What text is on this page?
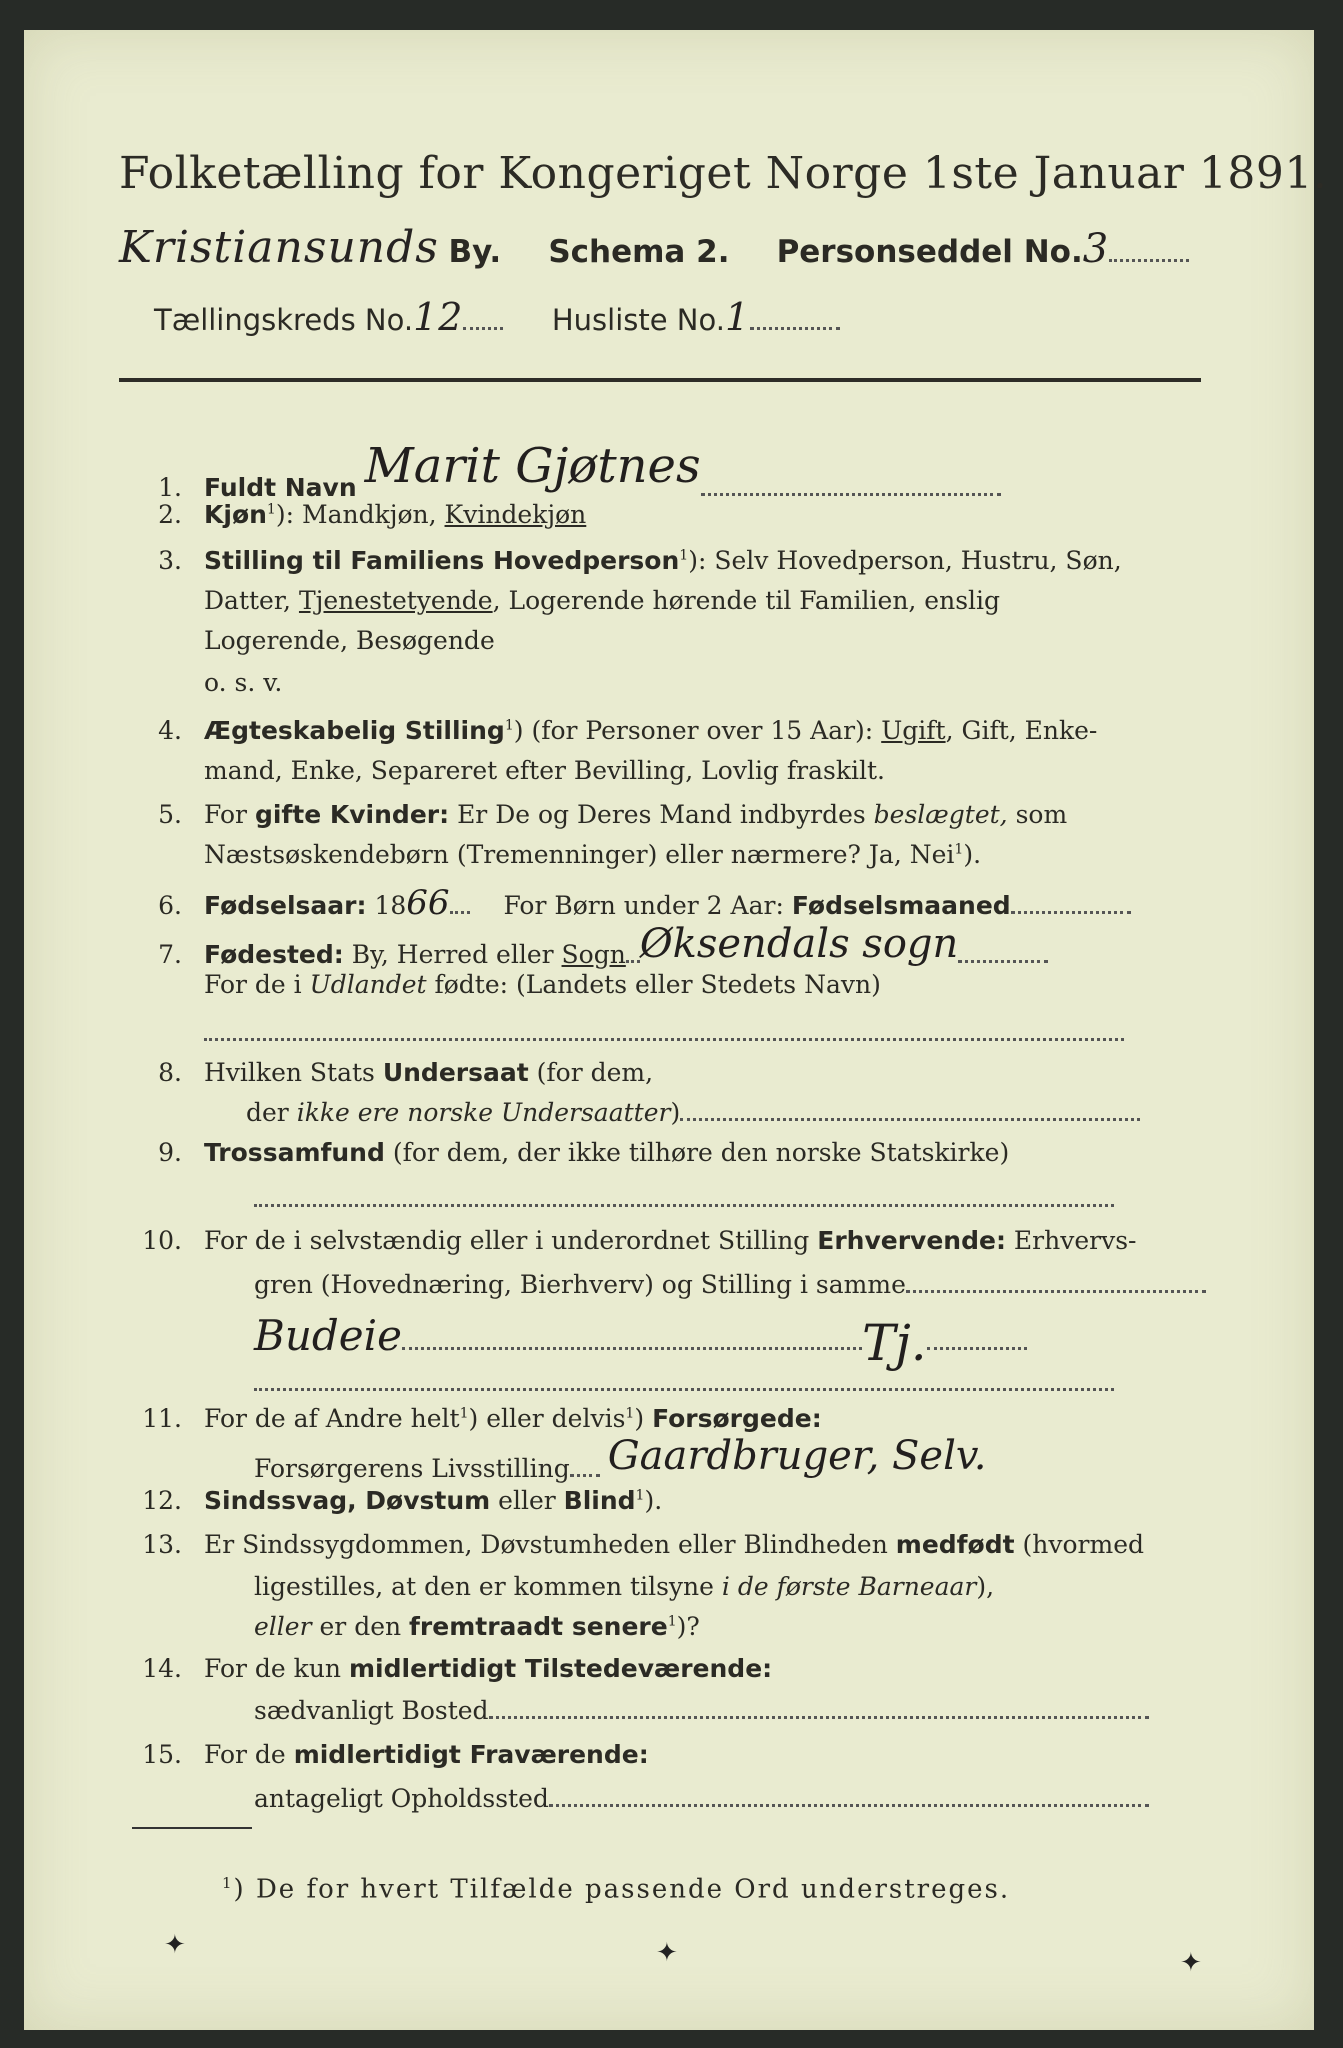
Folketælling for Kongeriget Norge 1ste Januar 1891.
Kristiansunds By. Schema 2. Personseddel No.3
Tællingskreds No.12	Husliste No.1
1. Fuldt Navn Marit Gjøtnes
2. Kjøn$^1$): Mandkjøn, Kvindekjøn
3. Stilling til Familiens Hovedperson$^1$): Selv Hovedperson, Hustru, Søn,
Datter, Tjenestetyende, Logerende hørende til Familien, enslig
Logerende, Besøgende
o. s. v.
4. Ægteskabelig Stilling$^1$) (for Personer over 15 Aar): Ugift, Gift, Enke-
mand, Enke, Separeret efter Bevilling, Lovlig fraskilt.
5. For gifte Kvinder: Er De og Deres Mand indbyrdes beslægtet, som
Næstsøskendebørn (Tremenninger) eller nærmere? Ja, Nei$^1$).
6. Fødselsaar: 1866 For Børn under 2 Aar: Fødselsmaaned
7. Fødested: By, Herred eller Sogn Øksendals sogn
For de i Udlandet fødte: (Landets eller Stedets Navn)
8. Hvilken Stats Undersaat (for dem,
der ikke ere norske Undersaatter)
9. Trossamfund (for dem, der ikke tilhøre den norske Statskirke)
10. For de i selvstændig eller i underordnet Stilling Erhvervende: Erhvervs-
gren (Hovednæring, Bierhverv) og Stilling i samme
Budeie	Tj.
11. For de af Andre helt$^1$) eller delvis$^1$) Forsørgede:
Forsørgerens Livsstilling Gaardbruger, Selv.
12. Sindssvag, Døvstum eller Blind$^1$).
13. Er Sindssygdommen, Døvstumheden eller Blindheden medfødt (hvormed
ligestilles, at den er kommen tilsyne i de første Barneaar),
eller er den fremtraadt senere$^1$)?
14. For de kun midlertidigt Tilstedeværende:
sædvanligt Bosted
15. For de midlertidigt Fraværende:
antageligt Opholdssted
$^1$) De for hvert Tilfælde passende Ord understreges.
✦	✦	✦
